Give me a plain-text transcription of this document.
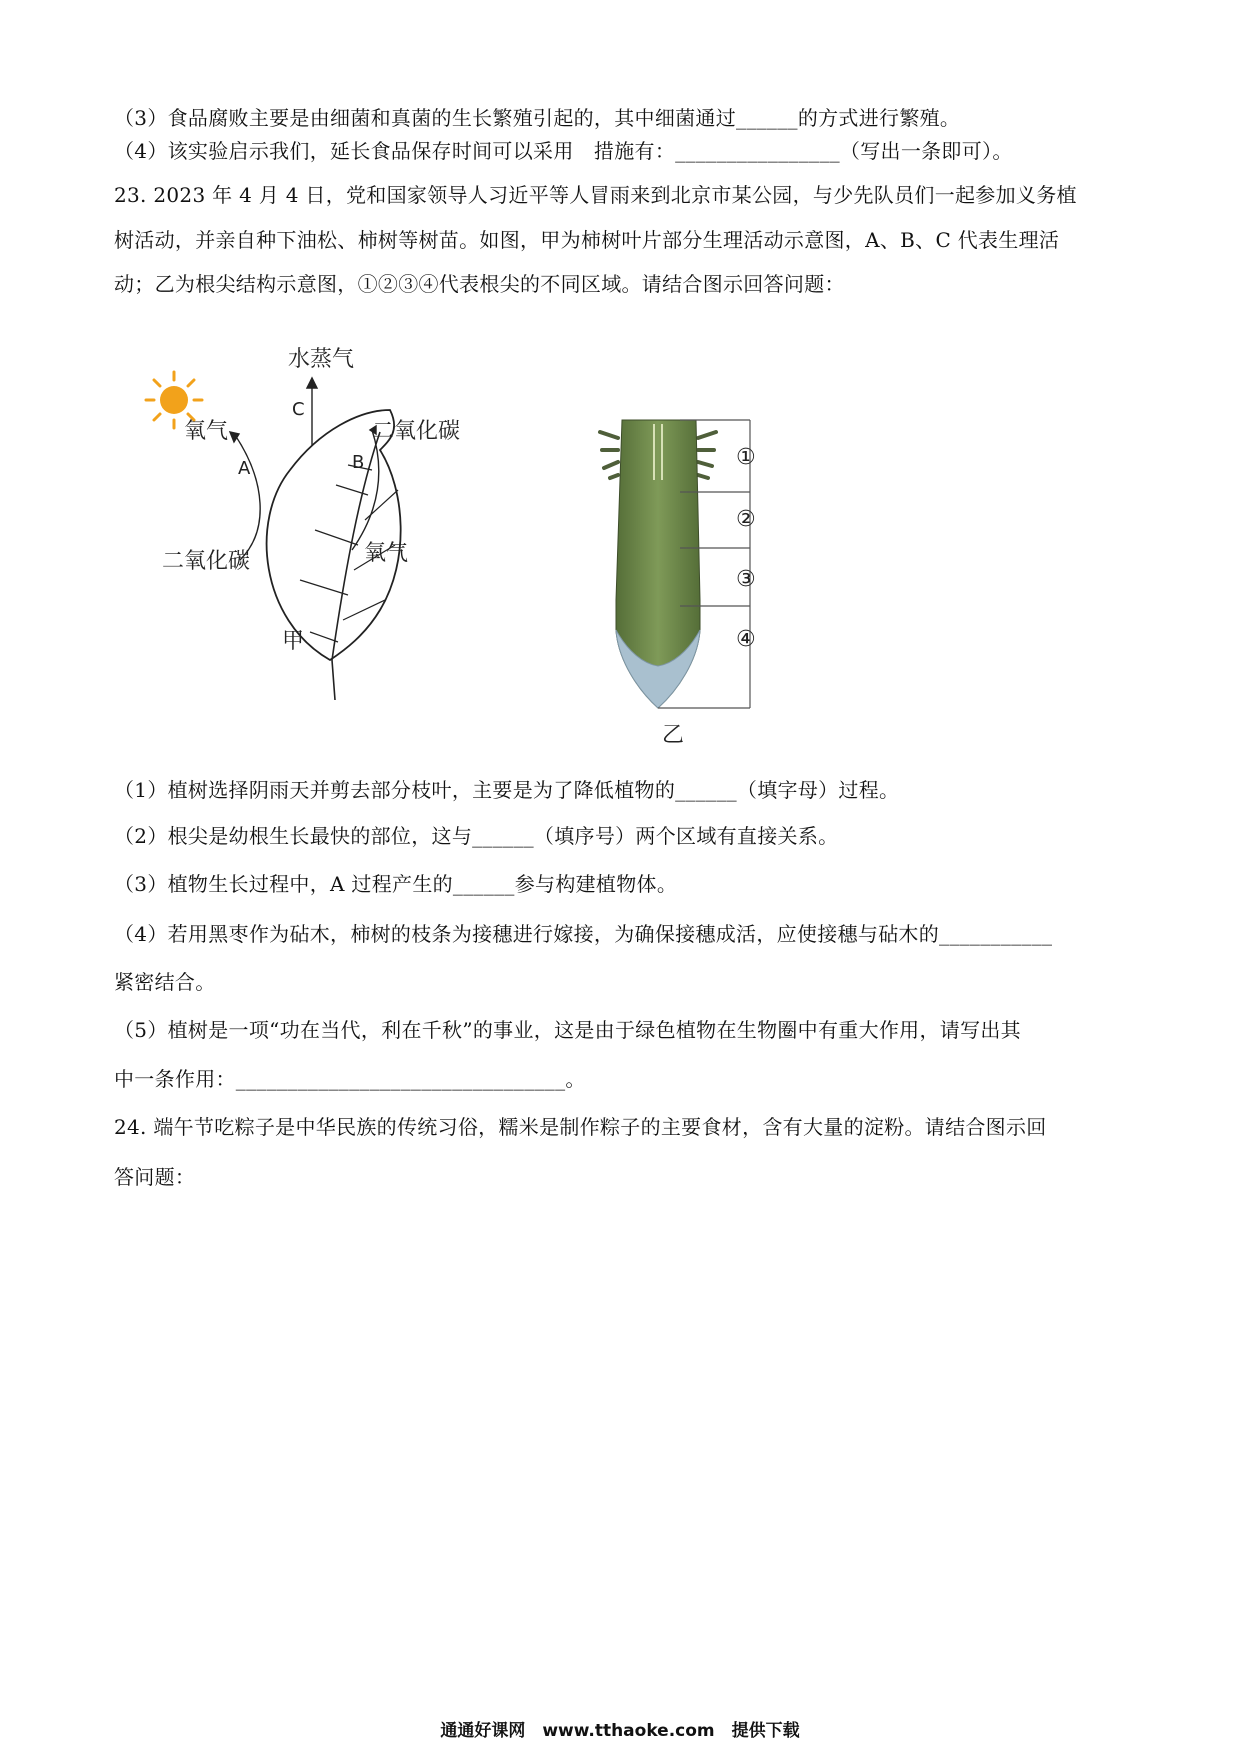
（3）食品腐败主要是由细菌和真菌的生长繁殖引起的，其中细菌通过______的方式进行繁殖。
（4）该实验启示我们，延长食品保存时间可以采用　措施有：________________（写出一条即可）。
23. 2023 年 4 月 4 日，党和国家领导人习近平等人冒雨来到北京市某公园，与少先队员们一起参加义务植
树活动，并亲自种下油松、柿树等树苗。如图，甲为柿树叶片部分生理活动示意图，A、B、C 代表生理活
动；乙为根尖结构示意图，①②③④代表根尖的不同区域。请结合图示回答问题：
水蒸气
C
氧气
A
二氧化碳
二氧化碳
B
氧气
甲
①
②
③
④
乙
（1）植树选择阴雨天并剪去部分枝叶，主要是为了降低植物的______（填字母）过程。
（2）根尖是幼根生长最快的部位，这与______（填序号）两个区域有直接关系。
（3）植物生长过程中，A 过程产生的______参与构建植物体。
（4）若用黑枣作为砧木，柿树的枝条为接穗进行嫁接，为确保接穗成活，应使接穗与砧木的___________
紧密结合。
（5）植树是一项“功在当代，利在千秋”的事业，这是由于绿色植物在生物圈中有重大作用，请写出其
中一条作用：________________________________。
24. 端午节吃粽子是中华民族的传统习俗，糯米是制作粽子的主要食材，含有大量的淀粉。请结合图示回
答问题：
通通好课网　www.tthaoke.com　提供下载
